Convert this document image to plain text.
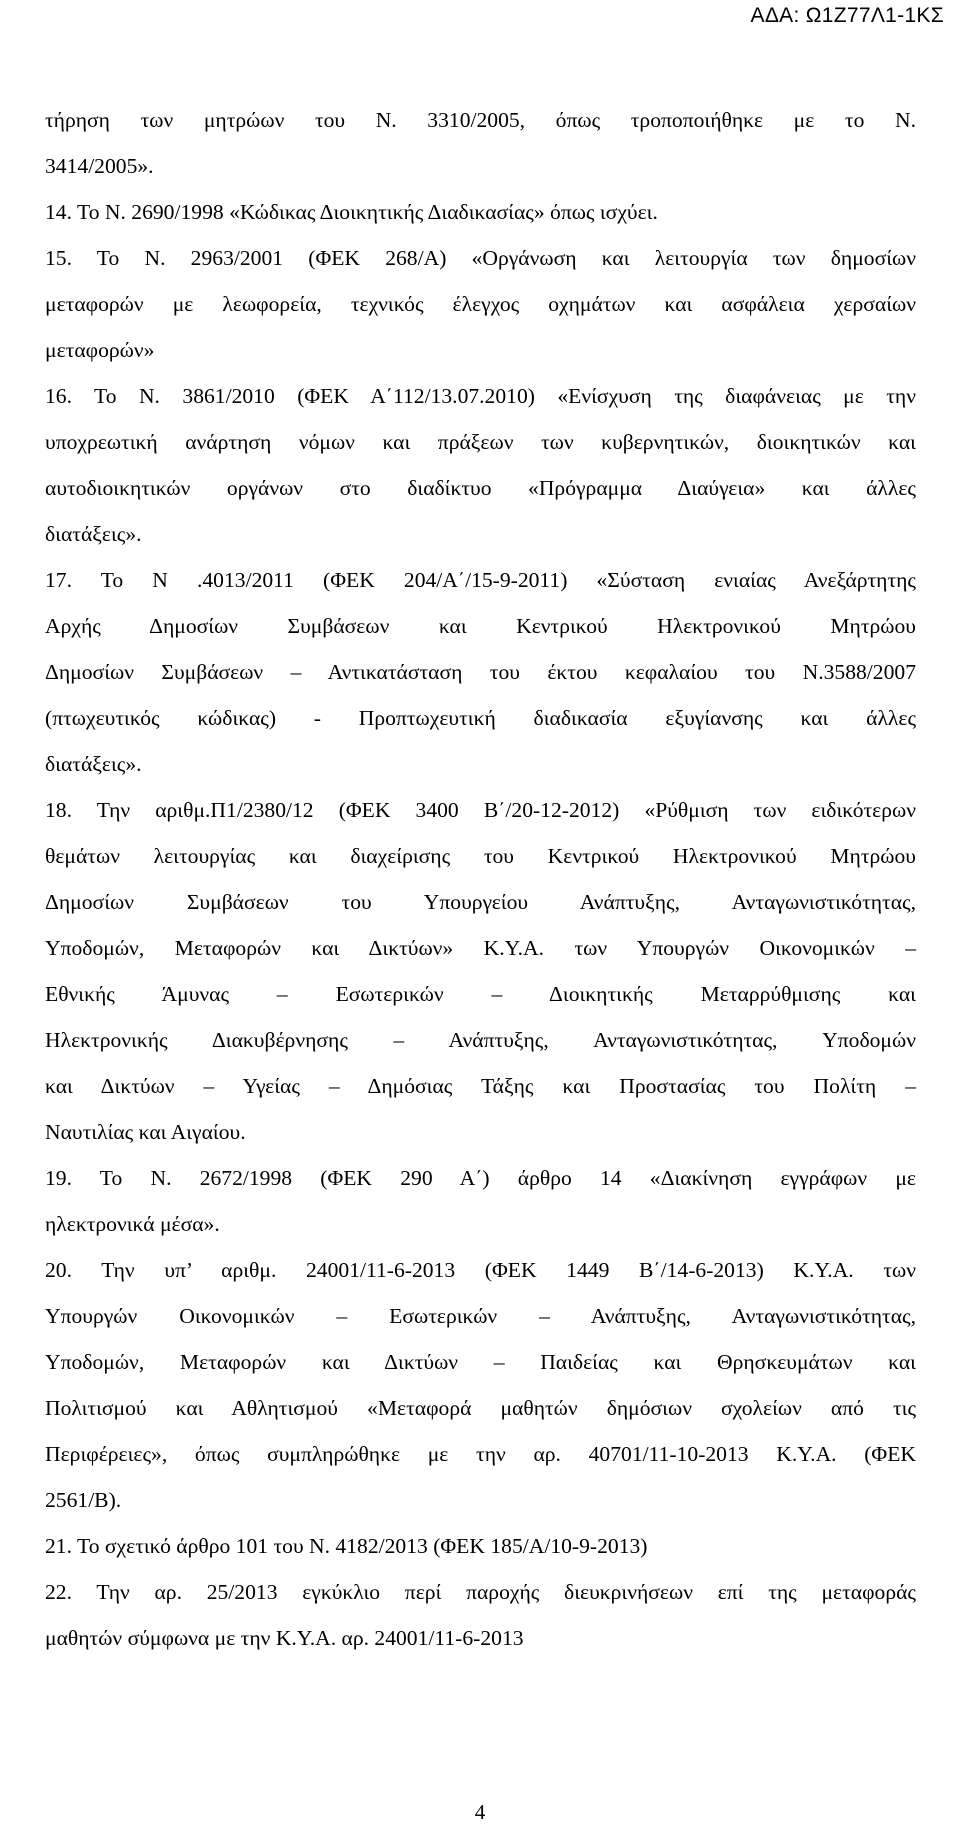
ΑΔΑ: Ω1Ζ77Λ1-1ΚΣ
τήρηση των μητρώων του Ν. 3310/2005, όπως τροποποιήθηκε με το Ν.
3414/2005».
14. Το Ν. 2690/1998 «Κώδικας Διοικητικής Διαδικασίας» όπως ισχύει.
15. Το Ν. 2963/2001 (ΦΕΚ 268/Α) «Οργάνωση και λειτουργία των δημοσίων
μεταφορών με λεωφορεία, τεχνικός έλεγχος οχημάτων και ασφάλεια χερσαίων
μεταφορών»
16. Το Ν. 3861/2010 (ΦΕΚ Α΄112/13.07.2010) «Ενίσχυση της διαφάνειας με την
υποχρεωτική ανάρτηση νόμων και πράξεων των κυβερνητικών, διοικητικών και
αυτοδιοικητικών οργάνων στο διαδίκτυο «Πρόγραμμα Διαύγεια» και άλλες
διατάξεις».
17. Το Ν .4013/2011 (ΦΕΚ 204/Α΄/15-9-2011) «Σύσταση ενιαίας Ανεξάρτητης
Αρχής Δημοσίων Συμβάσεων και Κεντρικού Ηλεκτρονικού Μητρώου
Δημοσίων Συμβάσεων – Αντικατάσταση του έκτου κεφαλαίου του Ν.3588/2007
(πτωχευτικός κώδικας) - Προπτωχευτική διαδικασία εξυγίανσης και άλλες
διατάξεις».
18. Την αριθμ.Π1/2380/12 (ΦΕΚ 3400 Β΄/20-12-2012) «Ρύθμιση των ειδικότερων
θεμάτων λειτουργίας και διαχείρισης του Κεντρικού Ηλεκτρονικού Μητρώου
Δημοσίων Συμβάσεων του Υπουργείου Ανάπτυξης, Ανταγωνιστικότητας,
Υποδομών, Μεταφορών και Δικτύων» Κ.Υ.Α. των Υπουργών Οικονομικών –
Εθνικής Άμυνας – Εσωτερικών – Διοικητικής Μεταρρύθμισης και
Ηλεκτρονικής Διακυβέρνησης – Ανάπτυξης, Ανταγωνιστικότητας, Υποδομών
και Δικτύων – Υγείας – Δημόσιας Τάξης και Προστασίας του Πολίτη –
Ναυτιλίας και Αιγαίου.
19. Το Ν. 2672/1998 (ΦΕΚ 290 Α΄) άρθρο 14 «Διακίνηση εγγράφων με
ηλεκτρονικά μέσα».
20. Την υπ’ αριθμ. 24001/11-6-2013 (ΦΕΚ 1449 Β΄/14-6-2013) Κ.Υ.Α. των
Υπουργών Οικονομικών – Εσωτερικών – Ανάπτυξης, Ανταγωνιστικότητας,
Υποδομών, Μεταφορών και Δικτύων – Παιδείας και Θρησκευμάτων και
Πολιτισμού και Αθλητισμού «Μεταφορά μαθητών δημόσιων σχολείων από τις
Περιφέρειες», όπως συμπληρώθηκε με την αρ. 40701/11-10-2013 Κ.Υ.Α. (ΦΕΚ
2561/Β).
21. Το σχετικό άρθρο 101 του Ν. 4182/2013 (ΦΕΚ 185/Α/10-9-2013)
22. Την αρ. 25/2013 εγκύκλιο περί παροχής διευκρινήσεων επί της μεταφοράς
μαθητών σύμφωνα με την Κ.Υ.Α. αρ. 24001/11-6-2013
4
